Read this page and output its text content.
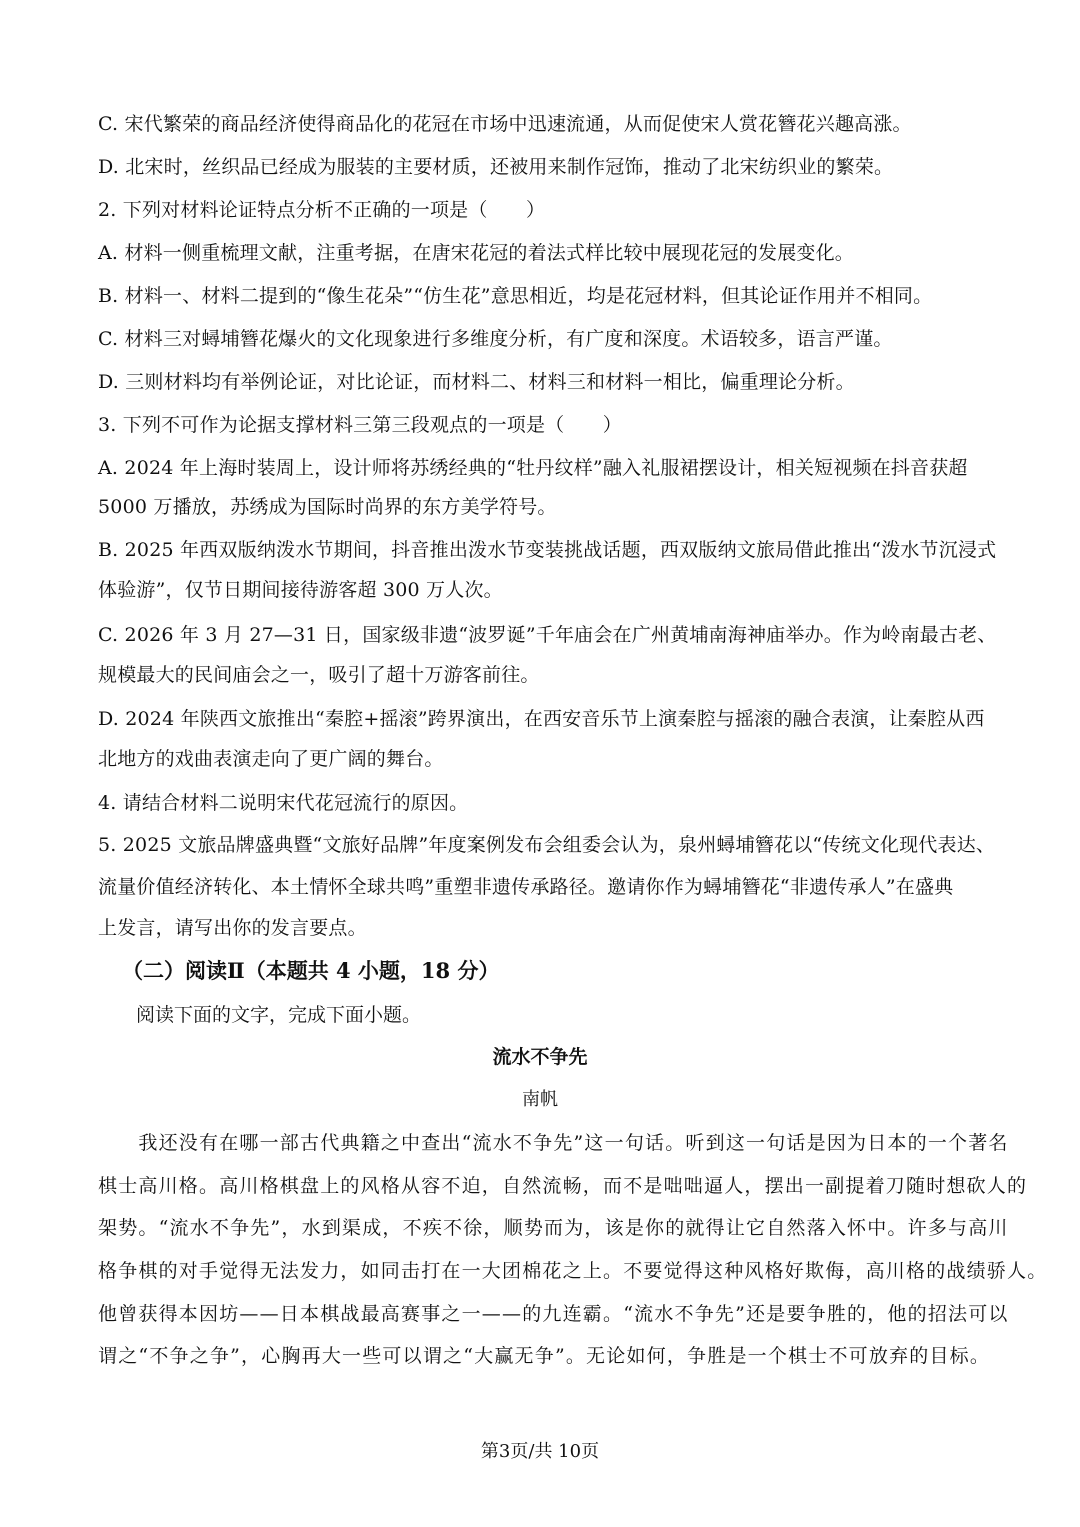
C. 宋代繁荣的商品经济使得商品化的花冠在市场中迅速流通，从而促使宋人赏花簪花兴趣高涨。
D. 北宋时，丝织品已经成为服装的主要材质，还被用来制作冠饰，推动了北宋纺织业的繁荣。
2. 下列对材料论证特点分析不正确的一项是（　　）
A. 材料一侧重梳理文献，注重考据，在唐宋花冠的着法式样比较中展现花冠的发展变化。
B. 材料一、材料二提到的“像生花朵”“仿生花”意思相近，均是花冠材料，但其论证作用并不相同。
C. 材料三对蟳埔簪花爆火的文化现象进行多维度分析，有广度和深度。术语较多，语言严谨。
D. 三则材料均有举例论证，对比论证，而材料二、材料三和材料一相比，偏重理论分析。
3. 下列不可作为论据支撑材料三第三段观点的一项是（　　）
A. 2024 年上海时装周上，设计师将苏绣经典的“牡丹纹样”融入礼服裙摆设计，相关短视频在抖音获超
5000 万播放，苏绣成为国际时尚界的东方美学符号。
B. 2025 年西双版纳泼水节期间，抖音推出泼水节变装挑战话题，西双版纳文旅局借此推出“泼水节沉浸式
体验游”，仅节日期间接待游客超 300 万人次。
C. 2026 年 3 月 27—31 日，国家级非遗“波罗诞”千年庙会在广州黄埔南海神庙举办。作为岭南最古老、
规模最大的民间庙会之一，吸引了超十万游客前往。
D. 2024 年陕西文旅推出“秦腔+摇滚”跨界演出，在西安音乐节上演秦腔与摇滚的融合表演，让秦腔从西
北地方的戏曲表演走向了更广阔的舞台。
4. 请结合材料二说明宋代花冠流行的原因。
5. 2025 文旅品牌盛典暨“文旅好品牌”年度案例发布会组委会认为，泉州蟳埔簪花以“传统文化现代表达、
流量价值经济转化、本土情怀全球共鸣”重塑非遗传承路径。邀请你作为蟳埔簪花“非遗传承人”在盛典
上发言，请写出你的发言要点。
（二）阅读Ⅱ（本题共 4 小题，18 分）
阅读下面的文字，完成下面小题。
流水不争先
南帆
　　我还没有在哪一部古代典籍之中查出“流水不争先”这一句话。听到这一句话是因为日本的一个著名
棋士高川格。高川格棋盘上的风格从容不迫，自然流畅，而不是咄咄逼人，摆出一副提着刀随时想砍人的
架势。“流水不争先”，水到渠成，不疾不徐，顺势而为，该是你的就得让它自然落入怀中。许多与高川
格争棋的对手觉得无法发力，如同击打在一大团棉花之上。不要觉得这种风格好欺侮，高川格的战绩骄人。
他曾获得本因坊——日本棋战最高赛事之一——的九连霸。“流水不争先”还是要争胜的，他的招法可以
谓之“不争之争”，心胸再大一些可以谓之“大赢无争”。无论如何，争胜是一个棋士不可放弃的目标。
第3页/共 10页
